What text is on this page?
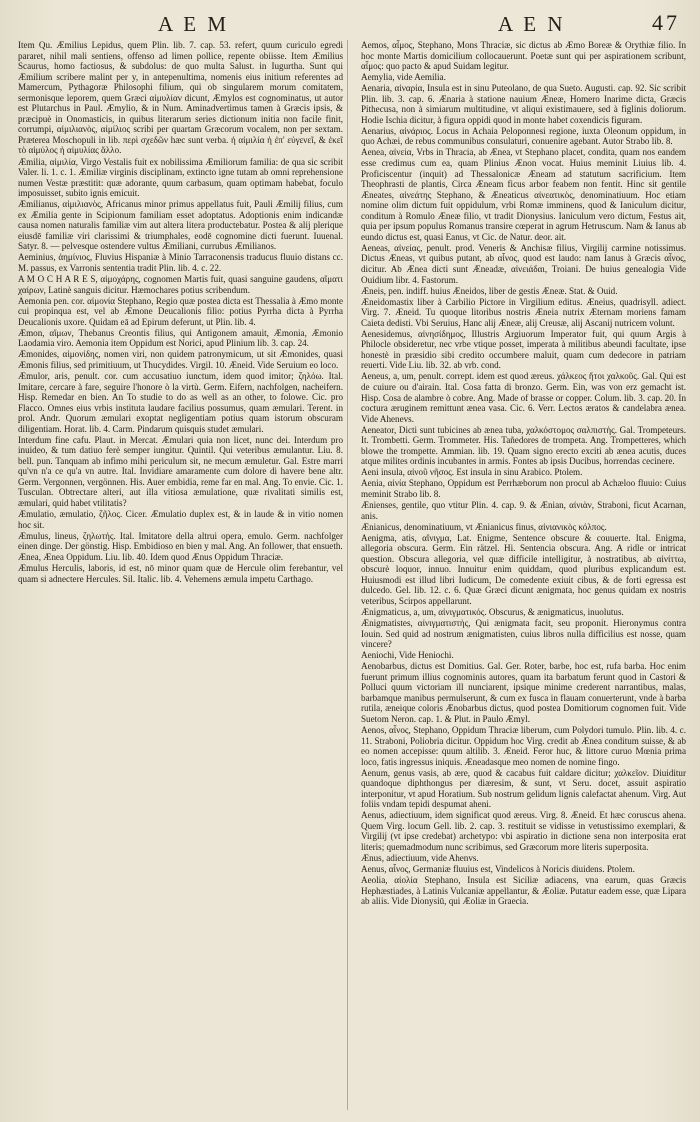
A E M	A E N	47

Item Qu. Æmilius Lepidus, quem Plin. lib. 7. cap. 53. refert, quum curiculo egredi pararet, nihil mali sentiens, offenso ad limen pollice, repente obiisse. Item Æmilius Scaurus, homo factiosus, & subdolus: de quo multa Salust. in Iugurtha. Sunt qui Æmilium scribere malint per y, in antepenultima, nomenis eius initium referentes ad Mamercum, Pythagoræ Philosophi filium, qui ob singularem morum comitatem, sermonisque leporem, quem Græci αἱμυλίαν dicunt, Æmylos est cognominatus, ut autor est Plutarchus in Paul. Æmylio, & in Num. Aminadvertimus tamen à Græcis ipsis, & præcipuè in Onomasticis, in quibus literarum series dictionum initia non facile finit, corrumpi, αἰμιλιανὸς, αἰμίλιος scribi per quartam Græcorum vocalem, non per sextam. Præterea Moschopuli in lib. περὶ σχεδῶν hæc sunt verba. ἡ αἰμιλία ἡ ἐπ' εὐγενεῖ, & ἐκεῖ τὸ αἱμύλος ἡ αἰμυλίας ἄλλο.

Æmilia, αἰμιλία, Virgo Vestalis fuit ex nobilissima Æmiliorum familia: de qua sic scribit Valer. li. 1. c. 1. Æmiliæ virginis disciplinam, extincto igne tutam ab omni reprehensione numen Vestæ præstitit: quæ adorante, quum carbasum, quam optimam habebat, foculo imposuisset, subito ignis emicuit.

Æmilianus, αἰμιλιανὸς, Africanus minor primus appellatus fuit, Pauli Æmilij filius, cum ex Æmilia gente in Scipionum familiam esset adoptatus. Adoptionis enim indicandæ causa nomen naturalis familiæ vim aut altera litera productebatur. Postea & alij plerique eiusdē familiæ viri clarissimi & triumphales, eodē cognomine dicti fuerunt. Iuuenal. Satyr. 8. — pelvesque ostendere vultus Æmiliani, currubus Æmilianos.

Aeminius, ἀημίνιος, Fluvius Hispaniæ à Minio Tarraconensis traducus fluuio distans cc. M. passus, ex Varronis sententia tradit Plin. lib. 4. c. 22.

A M O C H A R E S, αἰμοχάρης, cognomen Martis fuit, quasi sanguine gaudens, αἵματι χαίρων, Latinè sanguis dicitur. Hæmochares potius scribendum.

Aemonia pen. cor. αἱμονία Stephano, Regio quæ postea dicta est Thessalia à Æmo monte cui propinqua est, vel ab Æmone Deucalionis filio: potius Pyrrha dicta à Pyrrha Deucalionis uxore. Quidam eā ad Epirum deferunt, ut Plin. lib. 4.

Æmon, αἵμων, Thebanus Creontis filius, qui Antigonem amauit, Æmonia, Æmonio Laodamia viro. Aemonia item Oppidum est Norici, apud Plinium lib. 3. cap. 24.

Æmonides, αἱμονίδης, nomen viri, non quidem patronymicum, ut sit Æmonides, quasi Æmonis filius, sed primitiuum, ut Thucydides. Virgil. 10. Æneid. Vide Seruium eo loco.

Æmulor, aris, penult. cor. cum accusatiuo iunctum, idem quod imitor; ζηλόω. Ital. Imitare, cercare à fare, seguire l'honore ò la virtù. Germ. Eifern, nachfolgen, nacheifern. Hisp. Remedar en bien. An To studie to do as well as an other, to folowe. Cic. pro Flacco. Omnes eius vrbis instituta laudare facilius possumus, quam æmulari. Terent. in prol. Andr. Quorum æmulari exoptat negligentiam potius quam istorum obscuram diligentiam. Horat. lib. 4. Carm. Pindarum quisquis studet æmulari.

Interdum fine cafu. Plaut. in Mercat. Æmulari quia non licet, nunc dei. Interdum pro inuideo, & tum datiuo ferè semper iungitur. Quintil. Qui veteribus æmulantur. Liu. 8. bell. pun. Tanquam ab infimo mihi periculum sit, ne mecum æmuletur. Gal. Estre marri qu'vn n'a ce qu'a vn autre. Ital. Invidiare amaramente cum dolore di havere bene altr. Germ. Vergonnen, vergönnen. His. Auer embidia, reme far en mal. Ang. To envie. Cic. 1. Tusculan. Obtrectare alteri, aut illa vitiosa æmulatione, quæ rivalitati similis est, æmulari, quid habet vtilitatis?

Æmulatio, æmulatio, ζῆλος. Cicer. Æmulatio duplex est, & in laude & in vitio nomen hoc sit.

Æmulus, lineus, ζηλωτής. Ital. Imitatore della altrui opera, emulo. Germ. nachfolger einen dinge. Der gönstig. Hisp. Embidioso en bien y mal. Ang. An follower, that ensueth.

Ænea, Ænea Oppidum. Liu. lib. 40. Idem quod Ænus Oppidum Thraciæ.

Æmulus Herculis, laboris, id est, nō minor quam quæ de Hercule olim ferebantur, vel quam si adnectere Hercules. Sil. Italic. lib. 4. Vehemens æmula impetu Carthago.

Aemos, αἶμος, Stephano, Mons Thraciæ, sic dictus ab Æmo Boreæ & Orythiæ filio. In hoc monte Martis domicilium collocauerunt. Poetæ sunt qui per aspirationem scribunt, αἶμος: quo pacto & apud Suidam legitur.

Aemylia, vide Aemilia.

Aenaria, αἰναρία, Insula est in sinu Puteolano, de qua Sueto. Augusti. cap. 92. Sic scribit Plin. lib. 3. cap. 6. Ænaria à statione nauium Æneæ, Homero Inarime dicta, Græcis Pithecusa, non à simiarum multitudine, vt aliqui existimauere, sed à figlinis doliorum. Hodie Ischia dicitur, à figura oppidi quod in monte habet coxendicis figuram.

Aenarius, αἰνάριος. Locus in Achaia Peloponnesi regione, iuxta Oleonum oppidum, in quo Achæi, de rebus communibus consulaturi, conuenire agebant. Autor Strabo lib. 8.

Aenea, αἰνεία, Vrbs in Thracia, ab Ænea, vt Stephano placet, condita, quam nos eandem esse credimus cum ea, quam Plinius Ænon vocat. Huius meminit Liuius lib. 4. Proficiscentur (inquit) ad Thessalonicæ Æneam ad statutum sacrificium. Item Theophrasti de plantis, Circa Æneam ficus arbor feabem non fentit. Hinc sit gentile Æneates, αἰνεάτης Stephano, & Æneaticus αἰνεατικὸς, denominatiuum. Hoc etiam nomine olim dictum fuit oppidulum, vrbi Romæ imminens, quod & Ianiculum dicitur, conditum à Romulo Æneæ filio, vt tradit Dionysius. Ianiculum vero dictum, Festus ait, quia per ipsum populus Romanus transire cœperat in agrum Hetruscum. Nam & Ianus ab eundo dictus est, quasi Eanus, vt Cic. de Natur. deor. ait.

Aeneas, αἰνείας, penult. prod. Veneris & Anchisæ filius, Virgilij carmine notissimus. Dictus Æneas, vt quibus putant, ab αἶνος, quod est laudo: nam Ianus à Græcis αἶνος, dicitur. Ab Ænea dicti sunt Æneadæ, αἰνειάδαι, Troiani. De huius genealogia Vide Ouidium libr. 4. Fastorum.

Æneis, pen. indiff. huius Æneidos, liber de gestis Æneæ. Stat. & Ouid.

Æneidomastix liber à Carbilio Pictore in Virgilium editus. Æneius, quadrisyll. adiect. Virg. 7. Æneid. Tu quoque litoribus nostris Æneia nutrix Æternam moriens famam Caieta dedisti. Vbi Seruius, Hanc alij Æneæ, alij Creusæ, alij Ascanij nutricem volunt.

Aenesidemus, αἰνησίδημος, Illustris Argiuorum Imperator fuit, qui quum Argis à Philocle obsideretur, nec vrbe vtique posset, imperata à militibus abeundi facultate, ipse honestè in præsidio sibi credito occumbere maluit, quam cum dedecore in patriam reuerti. Vide Liu. lib. 32. ab vrb. cond.

Aeneus, a, um, penult. corrept. idem est quod æreus. χάλκεος ἤτοι χαλκοῦς. Gal. Qui est de cuiure ou d'airain. Ital. Cosa fatta di bronzo. Germ. Ein, was von erz gemacht ist. Hisp. Cosa de alambre ò cobre. Ang. Made of brasse or copper. Colum. lib. 3. cap. 20. In coctura æruginem remittunt ænea vasa. Cic. 6. Verr. Lectos æratos & candelabra ænea. Vide Ahenevs.

Aeneator, Dicti sunt tubicines ab ænea tuba, χαλκόστομος σαλπιστὴς. Gal. Trompeteurs. It. Trombetti. Germ. Trommeter. His. Tañedores de trompeta. Ang. Trompetteres, which blowe the trompette. Ammian. lib. 19. Quam signo erecto exciti ab ænea acutis, duces atque milites ordinis incubantes in armis. Fontes ab ipsis Ducibus, horrendas cecinere.

Aeni insula, αἰνοῦ νῆσος. Est insula in sinu Arabico. Ptolem.

Aenia, αἰνία Stephano, Oppidum est Perrhæborum non procul ab Achæloo fluuio: Cuius meminit Strabo lib. 8.

Ænienses, gentile, quo vtitur Plin. 4. cap. 9. & Ænian, αἰνιὰν, Straboni, ficut Acarnan, anis.

Ænianicus, denominatiuum, vt Ænianicus finus, αἰνιανικὸς κόλπος.

Aenigma, atis, αἴνιγμα, Lat. Enigme, Sentence obscure & couuerte. Ital. Enigma, allegoria obscura. Germ. Ein rätzel. Hi. Sentencia obscura. Ang. A ridle or intricat question. Obscura allegoria, vel quæ difficile intelligitur, à nostratibus, ab αἰνίττω, obscurè loquor, innuo. Innuitur enim quiddam, quod pluribus explicandum est. Huiusmodi est illud libri Iudicum, De comedente exiuit cibus, & de forti egressa est dulcedo. Gel. lib. 12. c. 6. Quæ Græci dicunt ænigmata, hoc genus quidam ex nostris veteribus, Scirpos appellarunt.

Ænigmaticus, a, um, αἰνιγματικός. Obscurus, & ænigmaticus, inuolutus.

Ænigmatistes, αἰνιγματιστὴς, Qui ænigmata facit, seu proponit. Hieronymus contra Iouin. Sed quid ad nostrum ænigmatisten, cuius libros nulla difficilius est nosse, quam vincere?

Aeniochi, Vide Heniochi.

Aenobarbus, dictus est Domitius. Gal. Ger. Roter, barbe, hoc est, rufa barba. Hoc enim fuerunt primum illius cognominis autores, quam ita barbatum ferunt quod in Castori & Polluci quum victoriam ill nunciarent, ipsique minime crederent narrantibus, malas, barbamque manibus permulserunt, & cum ex fusca in flauam conuerterunt, vnde à barba rutila, æneique coloris Ænobarbus dictus, quod postea Domitiorum cognomen fuit. Vide Suetom Neron. cap. 1. & Plut. in Paulo Æmyl.

Aenos, αἶνος, Stephano, Oppidum Thraciæ liberum, cum Polydori tumulo. Plin. lib. 4. c. 11. Straboni, Poliobria dicitur. Oppidum hoc Virg. credit ab Ænea conditum suisse, & ab eo nomen accepisse: quum altilib. 3. Æneid. Feror huc, & littore curuo Mœnia prima loco, fatis ingressus iniquis. Æneadasque meo nomen de nomine fingo.

Aenum, genus vasis, ab ære, quod & cacabus fuit caldare dicitur; χαλκεῖον. Diuiditur quandoque diphthongus per diæresim, & sunt, vt Seru. docet, assuit aspiratio interponitur, vt apud Horatium. Sub nostrum gelidum lignis calefactat ahenum. Virg. Aut foliis vndam tepidi despumat aheni.

Aenus, adiectiuum, idem significat quod æreus. Virg. 8. Æneid. Et hæc coruscus ahena. Quem Virg. locum Gell. lib. 2. cap. 3. restituit se vidisse in vetustissimo exemplari, & Virgilij (vt ipse credebat) archetypo: vbi aspiratio in dictione sena non interposita erat literis; quemadmodum nunc scribimus, sed Græcorum more literis superposita.

Ænus, adiectiuum, vide Ahenvs.

Aenus, αἶνος, Germaniæ fluuius est, Vindelicos à Noricis diuidens. Ptolem.

Aeolia, αἰολία Stephano, Insula est Siciliæ adiacens, vna earum, quas Græcis Hephæstiades, à Latinis Vulcaniæ appellantur, & Æoliæ. Putatur eadem esse, quæ Lipara ab aliis. Vide Dionysiū, qui Æoliæ in Graecia.
